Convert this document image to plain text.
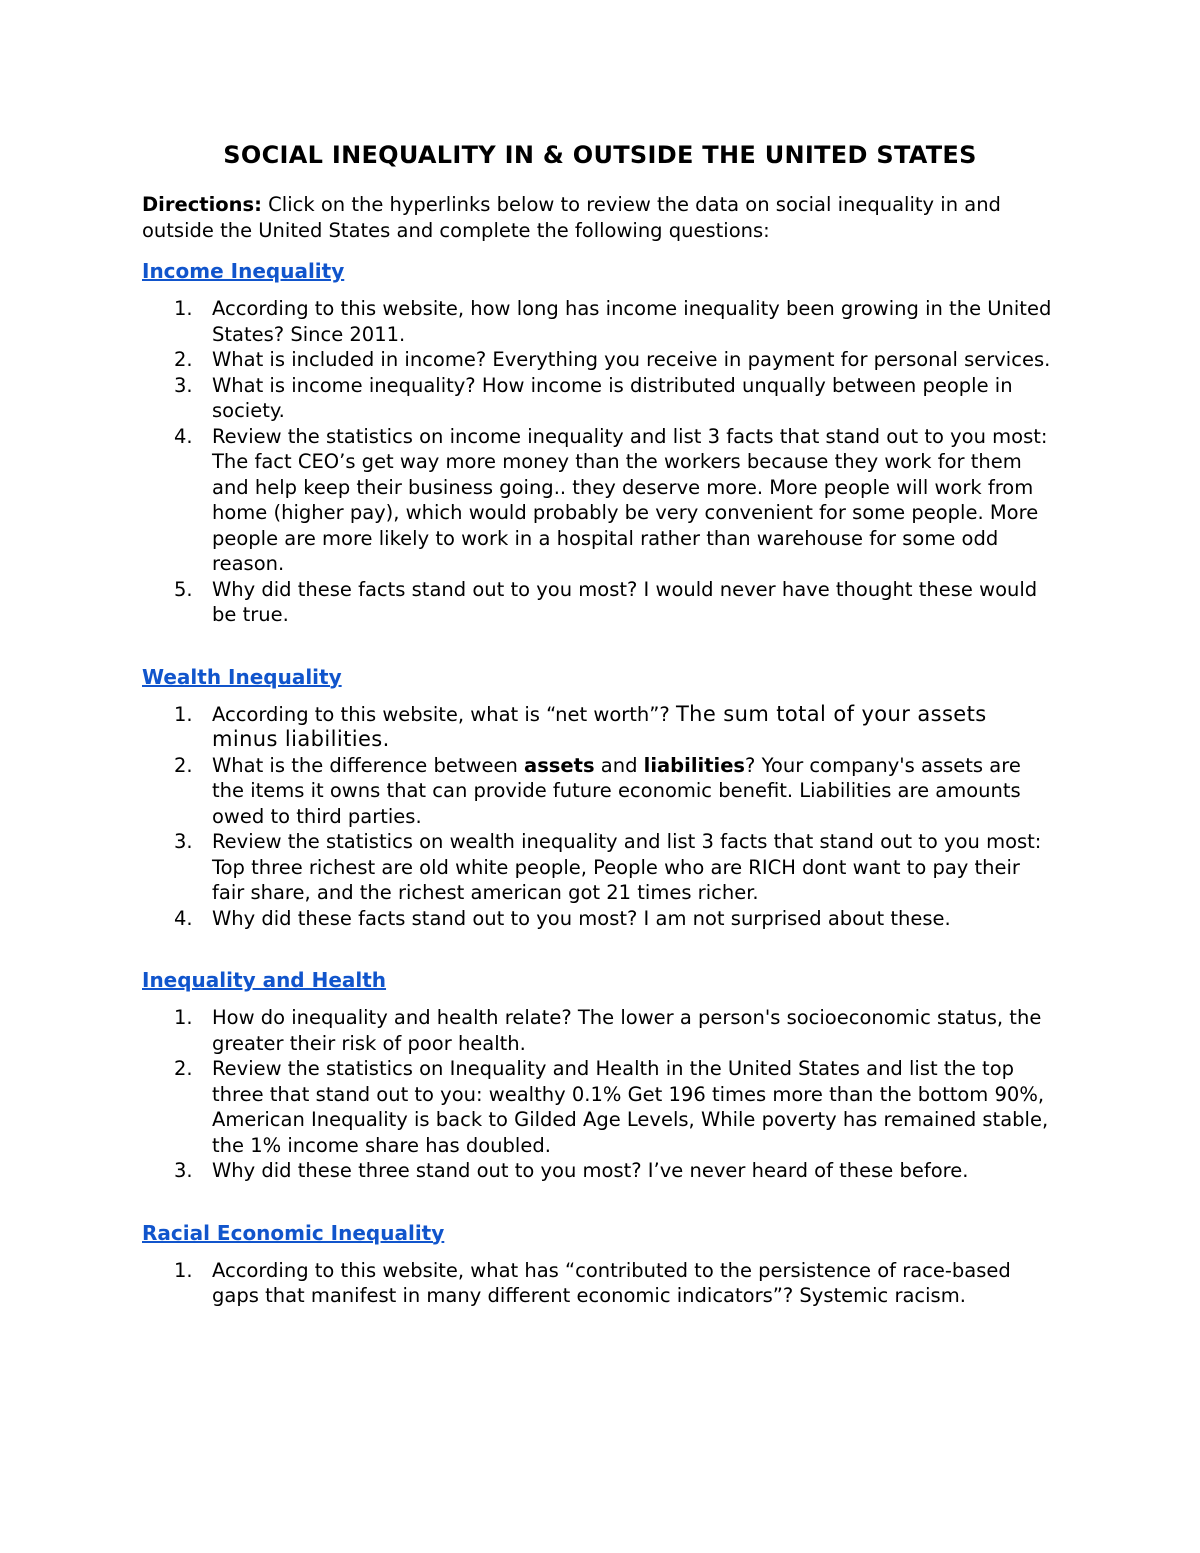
SOCIAL INEQUALITY IN & OUTSIDE THE UNITED STATES

Directions: Click on the hyperlinks below to review the data on social inequality in and outside the United States and complete the following questions:

Income Inequality
1. According to this website, how long has income inequality been growing in the United States? Since 2011.
2. What is included in income? Everything you receive in payment for personal services.
3. What is income inequality? How income is distributed unqually between people in society.
4. Review the statistics on income inequality and list 3 facts that stand out to you most: The fact CEO’s get way more money than the workers because they work for them and help keep their business going.. they deserve more. More people will work from home (higher pay), which would probably be very convenient for some people. More people are more likely to work in a hospital rather than warehouse for some odd reason.
5. Why did these facts stand out to you most? I would never have thought these would be true.
Wealth Inequality
1. According to this website, what is “net worth”? The sum total of your assets minus liabilities.
2. What is the difference between assets and liabilities? Your company's assets are the items it owns that can provide future economic benefit. Liabilities are amounts owed to third parties.
3. Review the statistics on wealth inequality and list 3 facts that stand out to you most: Top three richest are old white people, People who are RICH dont want to pay their fair share, and the richest american got 21 times richer.
4. Why did these facts stand out to you most? I am not surprised about these.
Inequality and Health
1. How do inequality and health relate? The lower a person's socioeconomic status, the greater their risk of poor health.
2. Review the statistics on Inequality and Health in the United States and list the top three that stand out to you: wealthy 0.1% Get 196 times more than the bottom 90%, American Inequality is back to Gilded Age Levels, While poverty has remained stable, the 1% income share has doubled.
3. Why did these three stand out to you most? I’ve never heard of these before.
Racial Economic Inequality
1. According to this website, what has “contributed to the persistence of race-based gaps that manifest in many different economic indicators”? Systemic racism.
